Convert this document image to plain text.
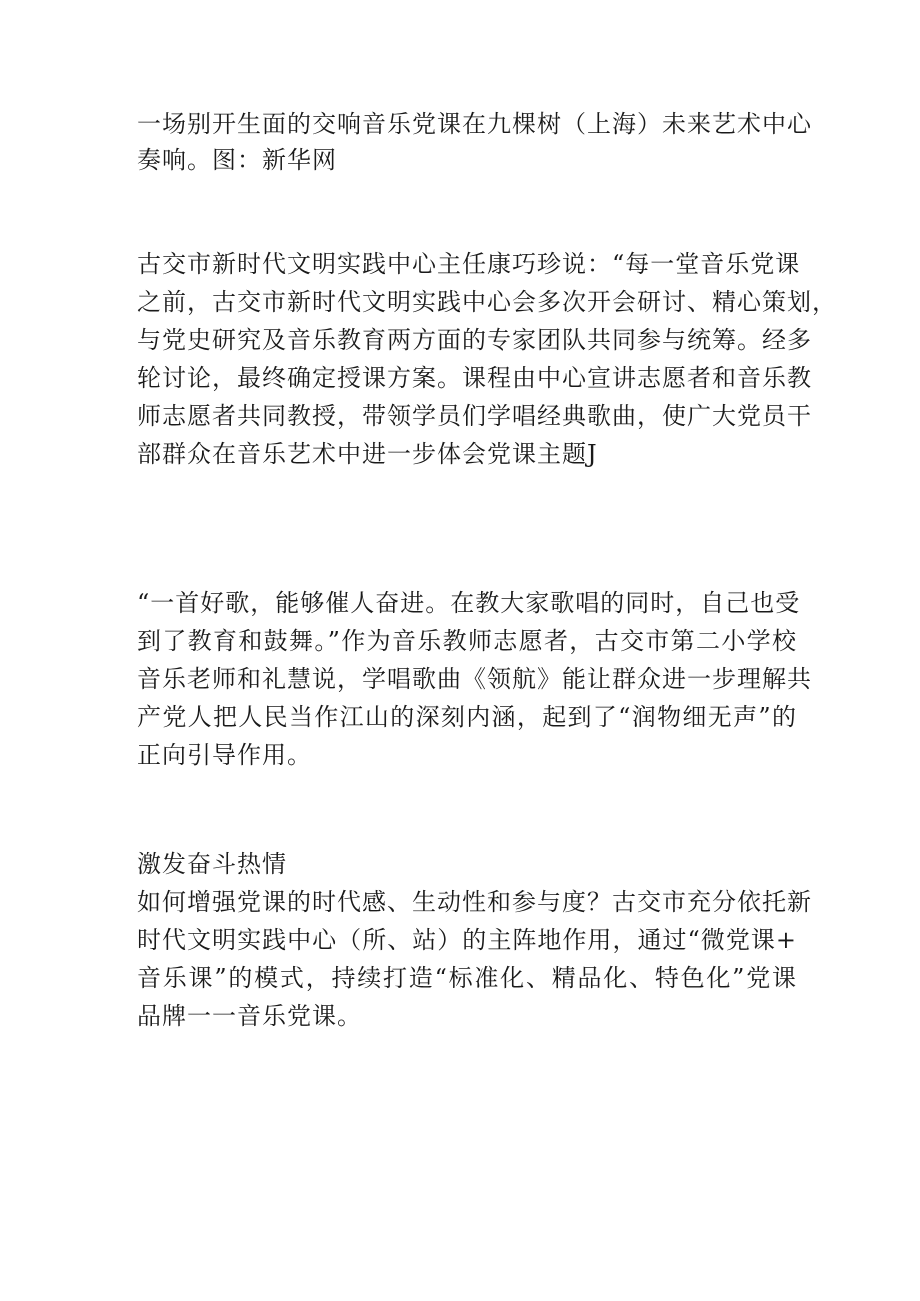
一场别开生面的交响音乐党课在九棵树（上海）未来艺术中心
奏响。图：新华网
古交市新时代文明实践中心主任康巧珍说：“每一堂音乐党课
之前，古交市新时代文明实践中心会多次开会研讨、精心策划，
与党史研究及音乐教育两方面的专家团队共同参与统筹。经多
轮讨论，最终确定授课方案。课程由中心宣讲志愿者和音乐教
师志愿者共同教授，带领学员们学唱经典歌曲，使广大党员干
部群众在音乐艺术中进一步体会党课主题J
“一首好歌，能够催人奋进。在教大家歌唱的同时，自己也受
到了教育和鼓舞。”作为音乐教师志愿者，古交市第二小学校
音乐老师和礼慧说，学唱歌曲《领航》能让群众进一步理解共
产党人把人民当作江山的深刻内涵，起到了“润物细无声”的
正向引导作用。
激发奋斗热情
如何增强党课的时代感、生动性和参与度？古交市充分依托新
时代文明实践中心（所、站）的主阵地作用，通过“微党课+
音乐课”的模式，持续打造“标准化、精品化、特色化”党课
品牌一一音乐党课。
